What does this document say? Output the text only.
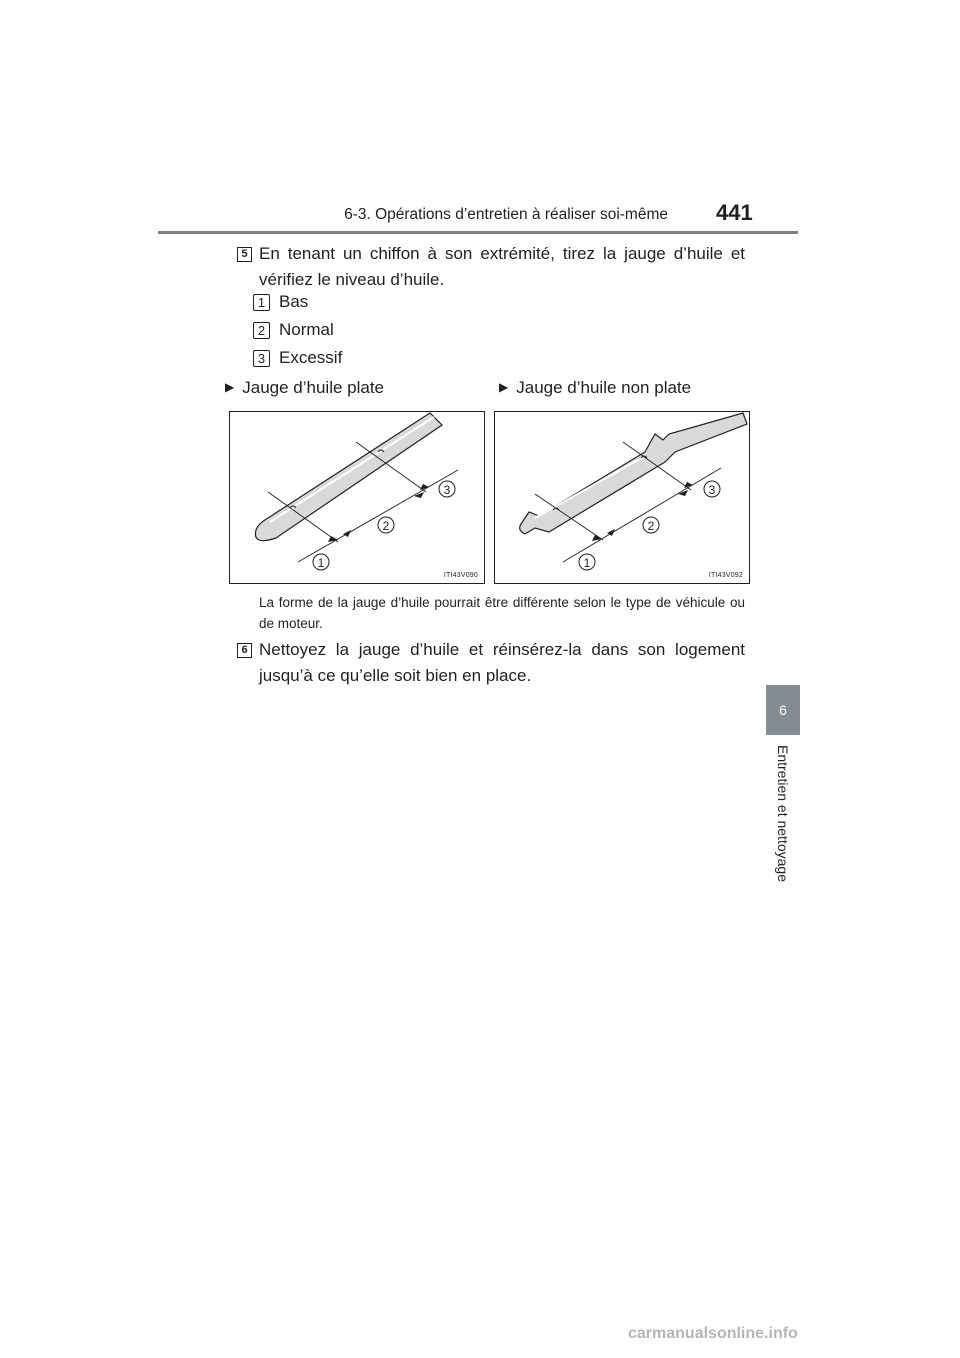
6-3. Opérations d’entretien à réaliser soi-même 441
6
Entretien et nettoyage
5 En tenant un chiffon à son extrémité, tirez la jauge d’huile et vérifiez le niveau d’huile.
1 Bas
2 Normal
3 Excessif
▶ Jauge d’huile plate	▶ Jauge d’huile non plate
1
2
3
ITI43V090
1
2
3
ITI43V092
La forme de la jauge d’huile pourrait être différente selon le type de véhicule ou de moteur.
6 Nettoyez la jauge d’huile et réinsérez-la dans son logement jusqu’à ce qu’elle soit bien en place.
carmanualsonline.info
